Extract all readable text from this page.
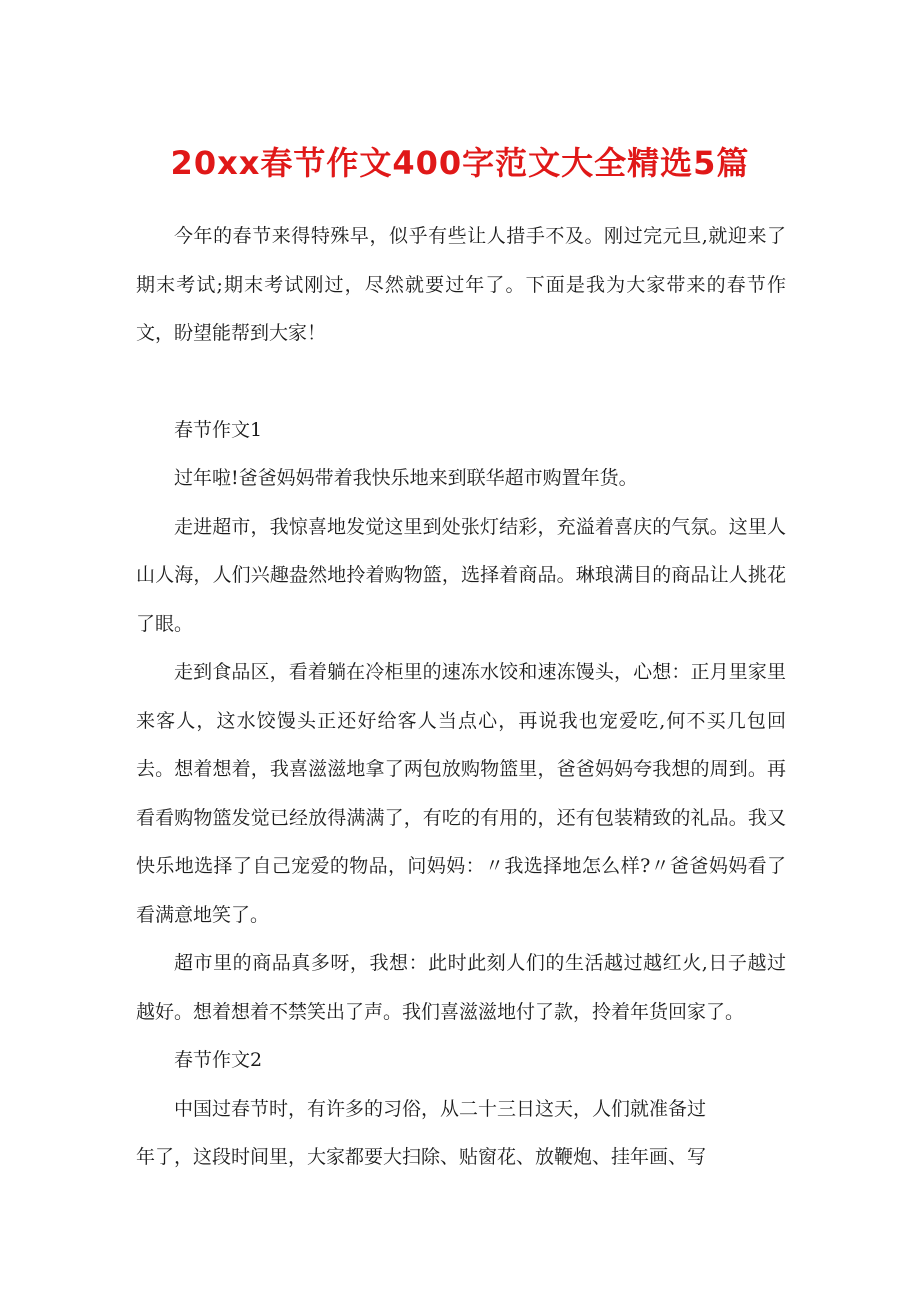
20xx春节作文400字范文大全精选5篇

今年的春节来得特殊早，似乎有些让人措手不及。刚过完元旦,就迎来了期末考试;期末考试刚过，尽然就要过年了。下面是我为大家带来的春节作文，盼望能帮到大家！

春节作文1

过年啦!爸爸妈妈带着我快乐地来到联华超市购置年货。

走进超市，我惊喜地发觉这里到处张灯结彩，充溢着喜庆的气氛。这里人山人海，人们兴趣盎然地拎着购物篮，选择着商品。琳琅满目的商品让人挑花了眼。

走到食品区，看着躺在冷柜里的速冻水饺和速冻馒头，心想：正月里家里来客人，这水饺馒头正还好给客人当点心，再说我也宠爱吃,何不买几包回去。想着想着，我喜滋滋地拿了两包放购物篮里，爸爸妈妈夸我想的周到。再看看购物篮发觉已经放得满满了，有吃的有用的，还有包装精致的礼品。我又快乐地选择了自己宠爱的物品，问妈妈：〃我选择地怎么样?〃爸爸妈妈看了看满意地笑了。

超市里的商品真多呀，我想：此时此刻人们的生活越过越红火,日子越过越好。想着想着不禁笑出了声。我们喜滋滋地付了款，拎着年货回家了。

春节作文2

中国过春节时，有许多的习俗，从二十三日这天，人们就准备过

年了，这段时间里，大家都要大扫除、贴窗花、放鞭炮、挂年画、写
